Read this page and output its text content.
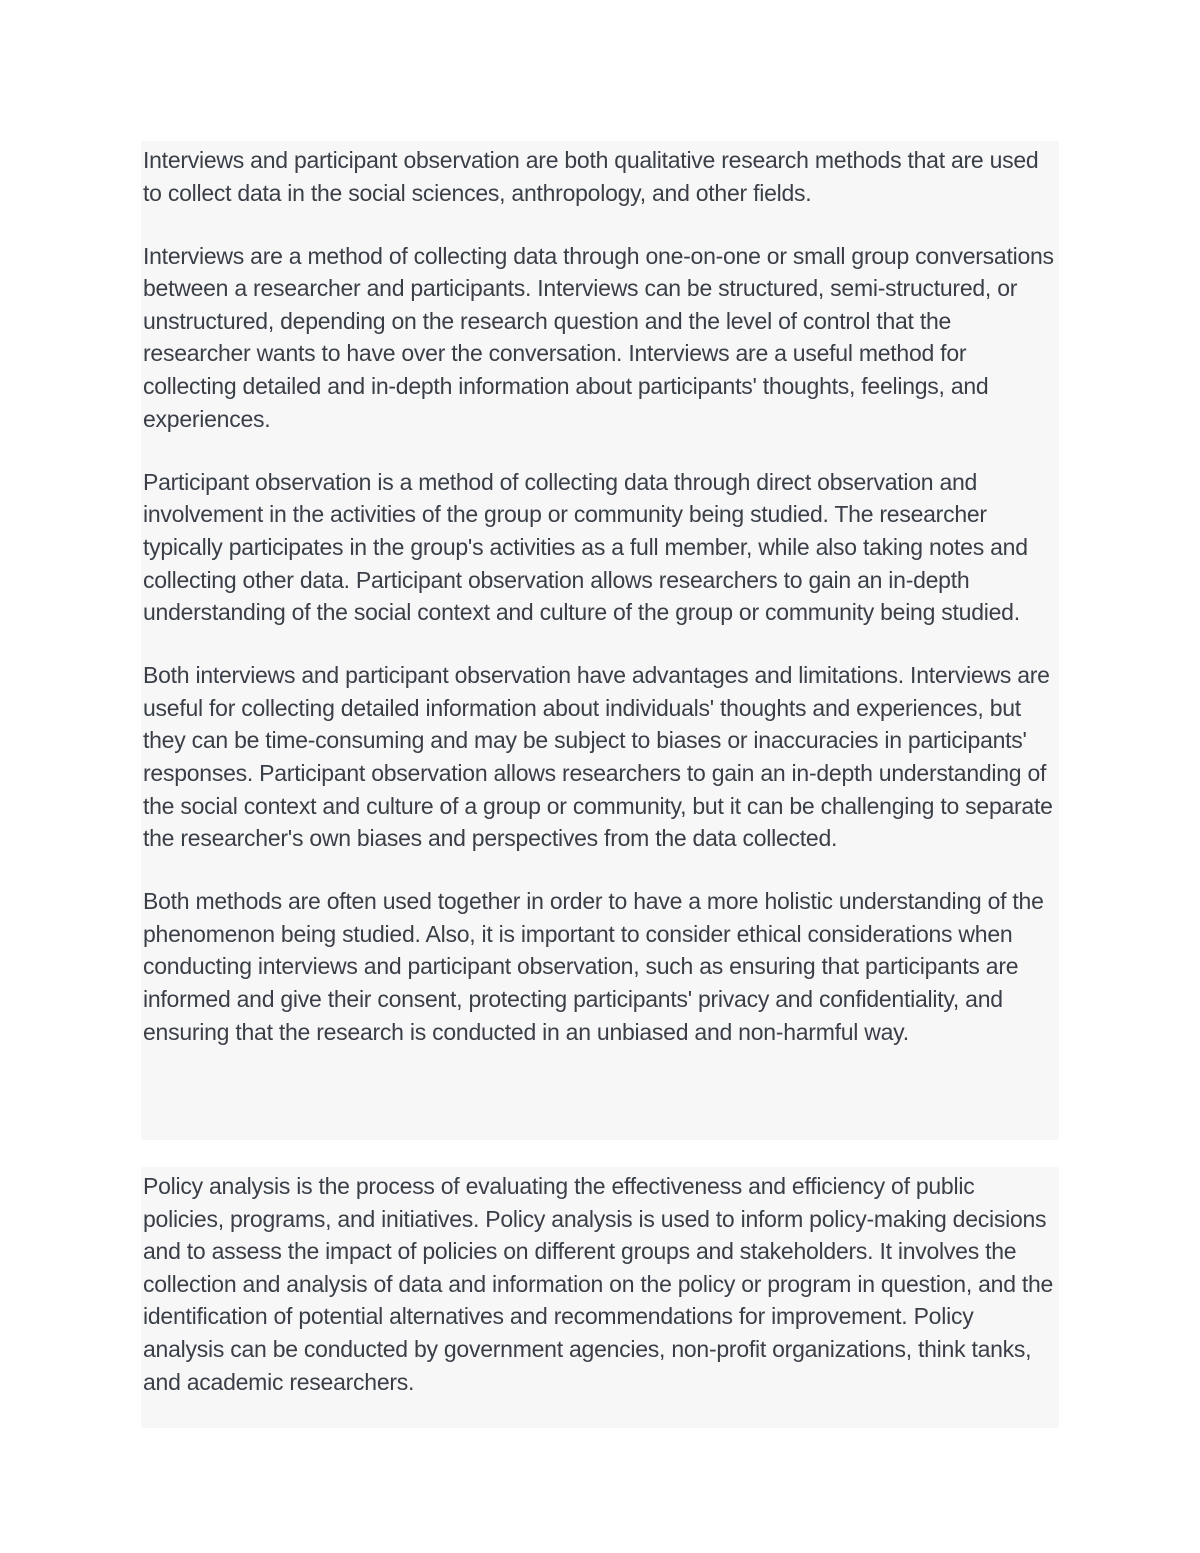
Interviews and participant observation are both qualitative research methods that are used to collect data in the social sciences, anthropology, and other fields.

Interviews are a method of collecting data through one-on-one or small group conversations between a researcher and participants. Interviews can be structured, semi-structured, or unstructured, depending on the research question and the level of control that the researcher wants to have over the conversation. Interviews are a useful method for collecting detailed and in-depth information about participants' thoughts, feelings, and experiences.

Participant observation is a method of collecting data through direct observation and involvement in the activities of the group or community being studied. The researcher typically participates in the group's activities as a full member, while also taking notes and collecting other data. Participant observation allows researchers to gain an in-depth understanding of the social context and culture of the group or community being studied.

Both interviews and participant observation have advantages and limitations. Interviews are useful for collecting detailed information about individuals' thoughts and experiences, but they can be time-consuming and may be subject to biases or inaccuracies in participants' responses. Participant observation allows researchers to gain an in-depth understanding of the social context and culture of a group or community, but it can be challenging to separate the researcher's own biases and perspectives from the data collected.

Both methods are often used together in order to have a more holistic understanding of the phenomenon being studied. Also, it is important to consider ethical considerations when conducting interviews and participant observation, such as ensuring that participants are informed and give their consent, protecting participants' privacy and confidentiality, and ensuring that the research is conducted in an unbiased and non-harmful way.

Policy analysis is the process of evaluating the effectiveness and efficiency of public policies, programs, and initiatives. Policy analysis is used to inform policy-making decisions and to assess the impact of policies on different groups and stakeholders. It involves the collection and analysis of data and information on the policy or program in question, and the identification of potential alternatives and recommendations for improvement. Policy analysis can be conducted by government agencies, non-profit organizations, think tanks, and academic researchers.
